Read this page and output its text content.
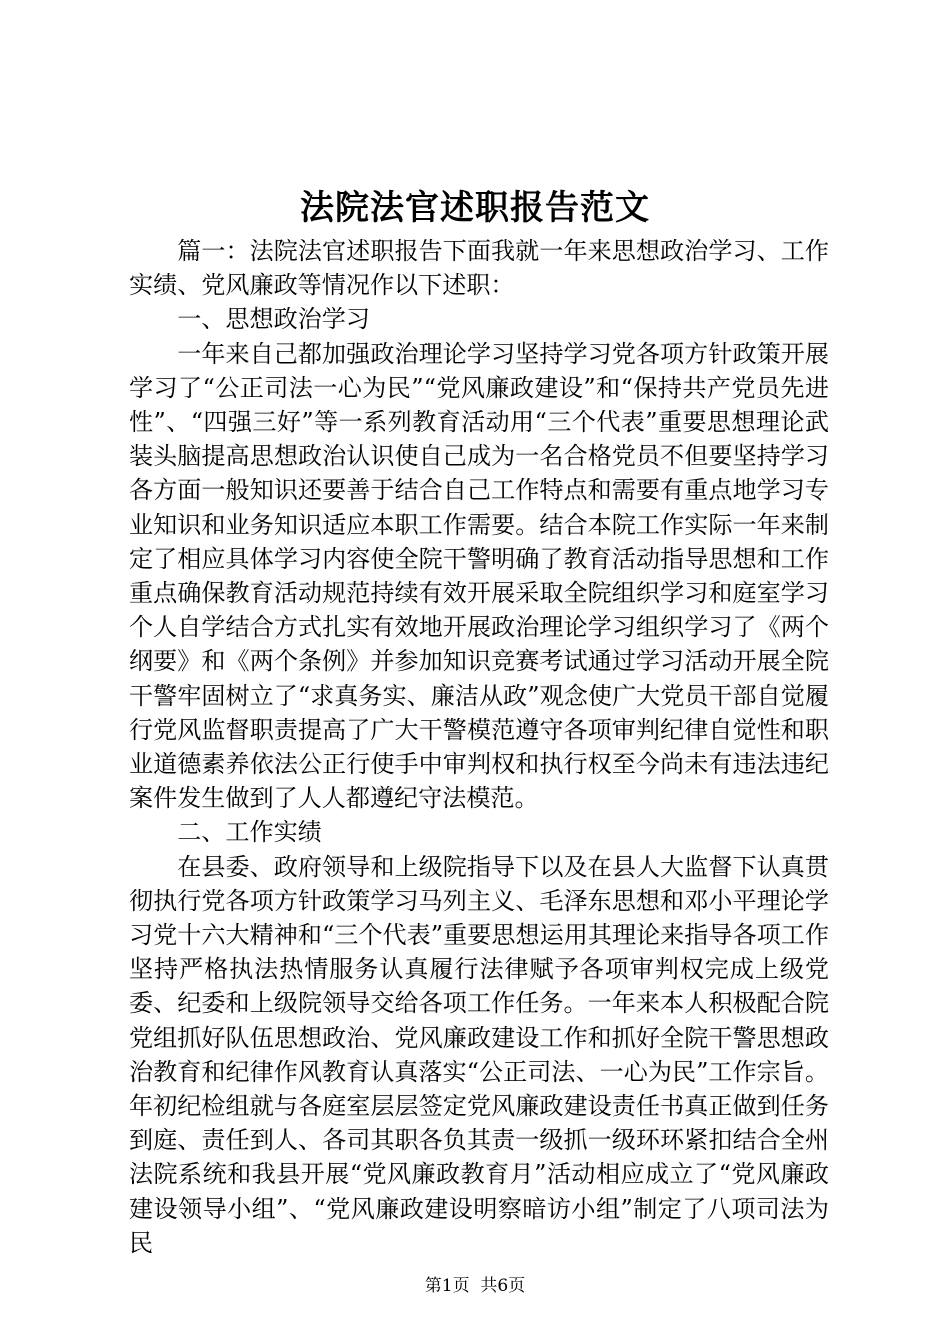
法院法官述职报告范文

篇一：法院法官述职报告下面我就一年来思想政治学习、工作实绩、党风廉政等情况作以下述职：

一、思想政治学习

一年来自己都加强政治理论学习坚持学习党各项方针政策开展学习了“公正司法一心为民”“党风廉政建设”和“保持共产党员先进性”、“四强三好”等一系列教育活动用“三个代表”重要思想理论武装头脑提高思想政治认识使自己成为一名合格党员不但要坚持学习各方面一般知识还要善于结合自己工作特点和需要有重点地学习专业知识和业务知识适应本职工作需要。结合本院工作实际一年来制定了相应具体学习内容使全院干警明确了教育活动指导思想和工作重点确保教育活动规范持续有效开展采取全院组织学习和庭室学习个人自学结合方式扎实有效地开展政治理论学习组织学习了《两个纲要》和《两个条例》并参加知识竞赛考试通过学习活动开展全院干警牢固树立了“求真务实、廉洁从政”观念使广大党员干部自觉履行党风监督职责提高了广大干警模范遵守各项审判纪律自觉性和职业道德素养依法公正行使手中审判权和执行权至今尚未有违法违纪案件发生做到了人人都遵纪守法模范。

二、工作实绩

在县委、政府领导和上级院指导下以及在县人大监督下认真贯彻执行党各项方针政策学习马列主义、毛泽东思想和邓小平理论学习党十六大精神和“三个代表”重要思想运用其理论来指导各项工作坚持严格执法热情服务认真履行法律赋予各项审判权完成上级党委、纪委和上级院领导交给各项工作任务。一年来本人积极配合院党组抓好队伍思想政治、党风廉政建设工作和抓好全院干警思想政治教育和纪律作风教育认真落实“公正司法、一心为民”工作宗旨。年初纪检组就与各庭室层层签定党风廉政建设责任书真正做到任务到庭、责任到人、各司其职各负其责一级抓一级环环紧扣结合全州法院系统和我县开展“党风廉政教育月”活动相应成立了“党风廉政建设领导小组”、“党风廉政建设明察暗访小组”制定了八项司法为民

第1页  共6页
